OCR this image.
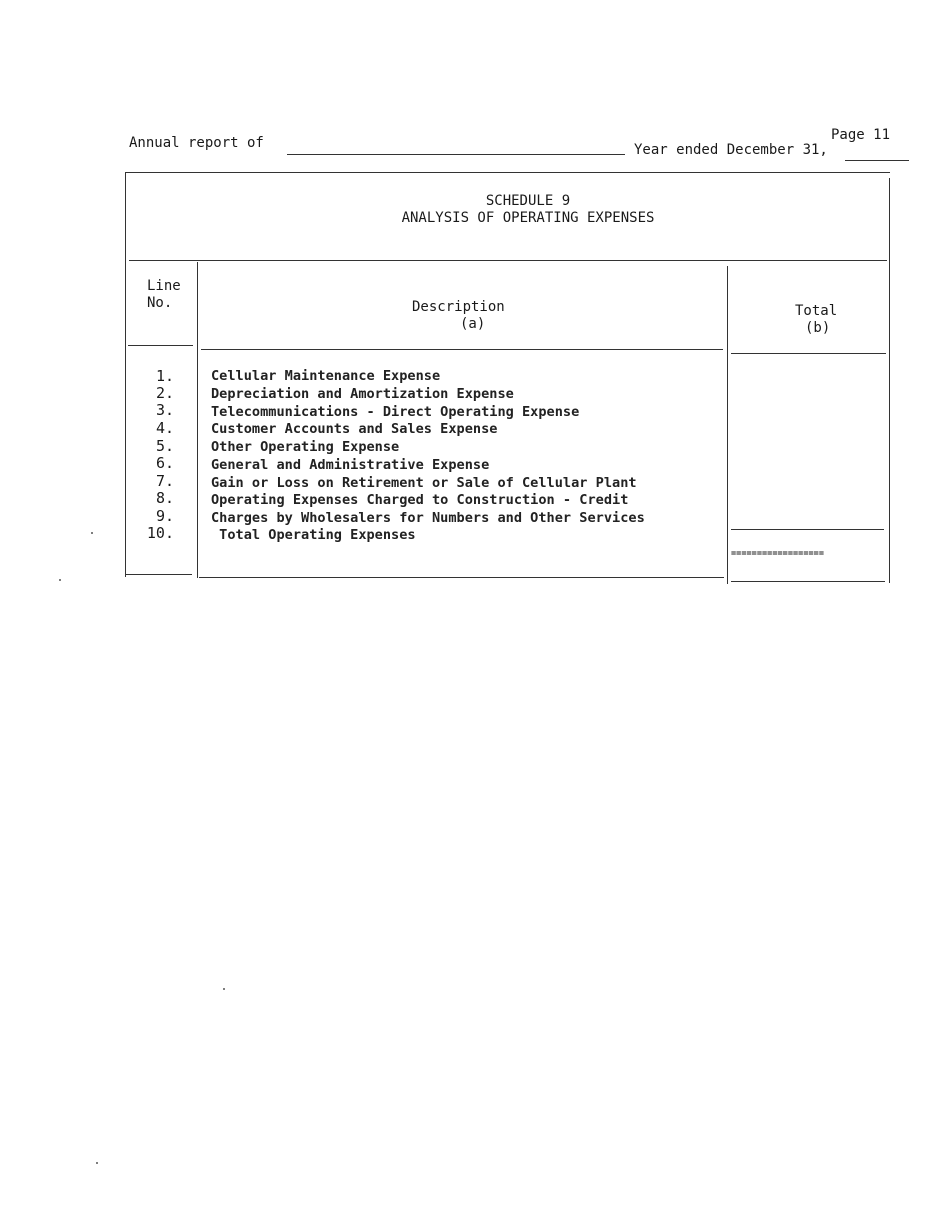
Annual report of	Year ended December 31,
Page 11
SCHEDULE 9
ANALYSIS OF OPERATING EXPENSES
Line
No.	Description
(a)
Total
(b)
1.
2.
3.
4.
5.
6.
7.
8.
9.
10.
Cellular Maintenance Expense
Depreciation and Amortization Expense
Telecommunications - Direct Operating Expense
Customer Accounts and Sales Expense
Other Operating Expense
General and Administrative Expense
Gain or Loss on Retirement or Sale of Cellular Plant
Operating Expenses Charged to Construction - Credit
Charges by Wholesalers for Numbers and Other Services
Total Operating Expenses
==================
